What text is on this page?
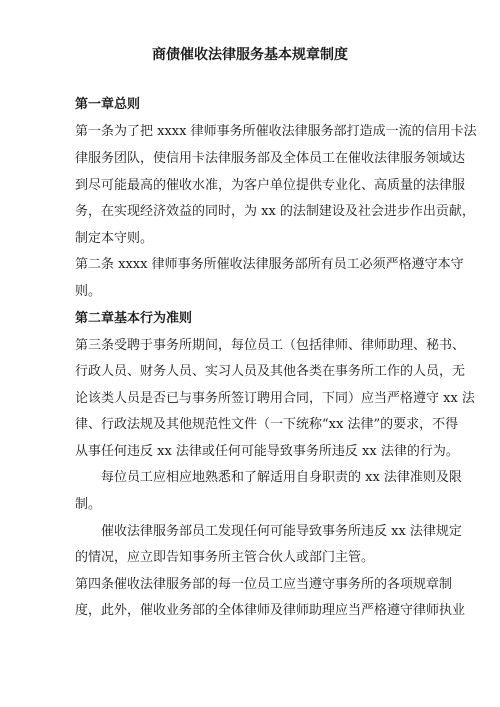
商债催收法律服务基本规章制度
第一章总则
第一条为了把 xxxx 律师事务所催收法律服务部打造成一流的信用卡法
律服务团队，使信用卡法律服务部及全体员工在催收法律服务领域达
到尽可能最高的催收水准，为客户单位提供专业化、高质量的法律服
务，在实现经济效益的同时，为 xx 的法制建设及社会进步作出贡献，
制定本守则。
第二条 xxxx 律师事务所催收法律服务部所有员工必须严格遵守本守
则。
第二章基本行为准则
第三条受聘于事务所期间，每位员工（包括律师、律师助理、秘书、
行政人员、财务人员、实习人员及其他各类在事务所工作的人员，无
论该类人员是否已与事务所签订聘用合同，下同）应当严格遵守 xx 法
律、行政法规及其他规范性文件（一下统称“xx 法律”的要求，不得
从事任何违反 xx 法律或任何可能导致事务所违反 xx 法律的行为。
每位员工应相应地熟悉和了解适用自身职责的 xx 法律准则及限
制。
催收法律服务部员工发现任何可能导致事务所违反 xx 法律规定
的情况，应立即告知事务所主管合伙人或部门主管。
第四条催收法律服务部的每一位员工应当遵守事务所的各项规章制
度，此外，催收业务部的全体律师及律师助理应当严格遵守律师执业
